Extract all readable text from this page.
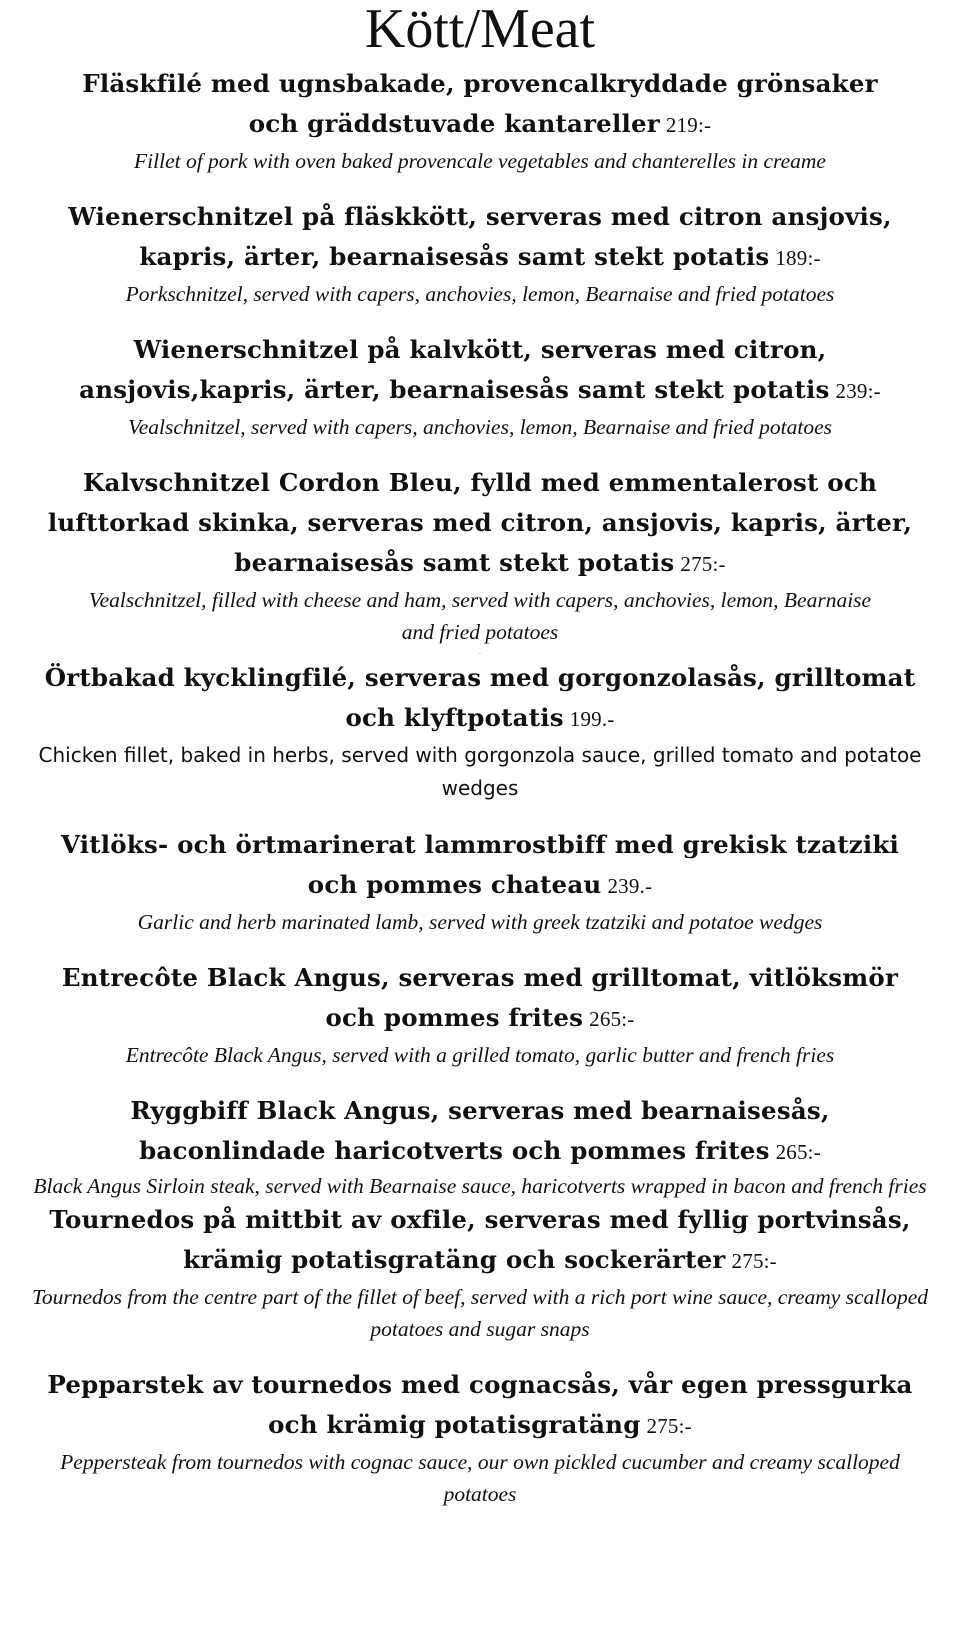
Kött/Meat
Fläskfilé med ugnsbakade, provencalkryddade grönsaker och gräddstuvade kantareller 219:-
Fillet of pork with oven baked provencale vegetables and chanterelles in creame
Wienerschnitzel på fläskkött, serveras med citron ansjovis, kapris, ärter, bearnaisesås samt stekt potatis 189:-
Porkschnitzel, served with capers, anchovies, lemon, Bearnaise and fried potatoes
Wienerschnitzel på kalvkött, serveras med citron, ansjovis,kapris, ärter, bearnaisesås samt stekt potatis 239:-
Vealschnitzel, served with capers, anchovies, lemon, Bearnaise and fried potatoes
Kalvschnitzel Cordon Bleu, fylld med emmentalerost och lufttorkad skinka, serveras med citron, ansjovis, kapris, ärter, bearnaisesås samt stekt potatis 275:-
Vealschnitzel, filled with cheese and ham, served with capers, anchovies, lemon, Bearnaise and fried potatoes
.
Örtbakad kycklingfilé, serveras med gorgonzolasås, grilltomat och klyftpotatis 199.-
Chicken fillet, baked in herbs, served with gorgonzola sauce, grilled tomato and potatoe wedges
Vitlöks- och örtmarinerat lammrostbiff med grekisk tzatziki och pommes chateau 239.-
Garlic and herb marinated lamb, served with greek tzatziki and potatoe wedges
Entrecôte Black Angus, serveras med grilltomat, vitlöksmör och pommes frites 265:-
Entrecôte Black Angus, served with a grilled tomato, garlic butter and french fries
Ryggbiff Black Angus, serveras med bearnaisesås, baconlindade haricotverts och pommes frites 265:-
Black Angus Sirloin steak, served with Bearnaise sauce, haricotverts wrapped in bacon and french fries
Tournedos på mittbit av oxfile, serveras med fyllig portvinsås, krämig potatisgratäng och sockerärter 275:-
Tournedos from the centre part of the fillet of beef, served with a rich port wine sauce, creamy scalloped potatoes and sugar snaps
Pepparstek av tournedos med cognacsås, vår egen pressgurka och krämig potatisgratäng 275:-
Peppersteak from tournedos with cognac sauce, our own pickled cucumber and creamy scalloped potatoes
